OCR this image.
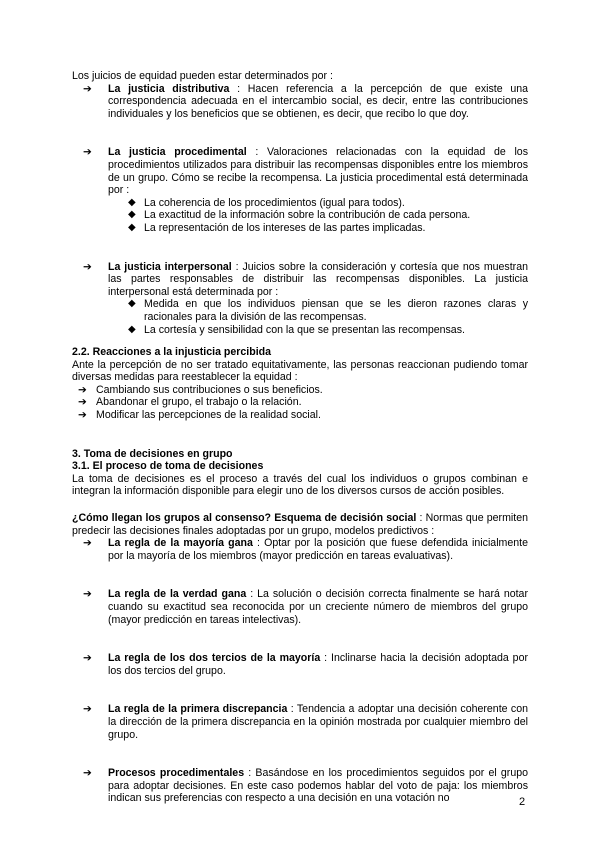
Los juicios de equidad pueden estar determinados por :

➔ La justicia distributiva : Hacen referencia a la percepción de que existe una correspondencia adecuada en el intercambio social, es decir, entre las contribuciones individuales y los beneficios que se obtienen, es decir, que recibo lo que doy.
➔ La justicia procedimental : Valoraciones relacionadas con la equidad de los procedimientos utilizados para distribuir las recompensas disponibles entre los miembros de un grupo. Cómo se recibe la recompensa. La justicia procedimental está determinada por :
◆ La coherencia de los procedimientos (igual para todos).
◆ La exactitud de la información sobre la contribución de cada persona.
◆ La representación de los intereses de las partes implicadas.
➔ La justicia interpersonal : Juicios sobre la consideración y cortesía que nos muestran las partes responsables de distribuir las recompensas disponibles. La justicia interpersonal está determinada por :
◆ Medida en que los individuos piensan que se les dieron razones claras y racionales para la división de las recompensas.
◆ La cortesía y sensibilidad con la que se presentan las recompensas.

2.2. Reacciones a la injusticia percibida

Ante la percepción de no ser tratado equitativamente, las personas reaccionan pudiendo tomar diversas medidas para reestablecer la equidad :

➔ Cambiando sus contribuciones o sus beneficios.
➔ Abandonar el grupo, el trabajo o la relación.
➔ Modificar las percepciones de la realidad social.

3. Toma de decisiones en grupo

3.1. El proceso de toma de decisiones

La toma de decisiones es el proceso a través del cual los individuos o grupos combinan e integran la información disponible para elegir uno de los diversos cursos de acción posibles.

¿Cómo llegan los grupos al consenso? Esquema de decisión social : Normas que permiten predecir las decisiones finales adoptadas por un grupo, modelos predictivos :

➔ La regla de la mayoría gana : Optar por la posición que fuese defendida inicialmente por la mayoría de los miembros (mayor predicción en tareas evaluativas).
➔ La regla de la verdad gana : La solución o decisión correcta finalmente se hará notar cuando su exactitud sea reconocida por un creciente número de miembros del grupo (mayor predicción en tareas intelectivas).
➔ La regla de los dos tercios de la mayoría : Inclinarse hacia la decisión adoptada por los dos tercios del grupo.
➔ La regla de la primera discrepancia : Tendencia a adoptar una decisión coherente con la dirección de la primera discrepancia en la opinión mostrada por cualquier miembro del grupo.
➔ Procesos procedimentales : Basándose en los procedimientos seguidos por el grupo para adoptar decisiones. En este caso podemos hablar del voto de paja: los miembros indican sus preferencias con respecto a una decisión en una votación no	2
